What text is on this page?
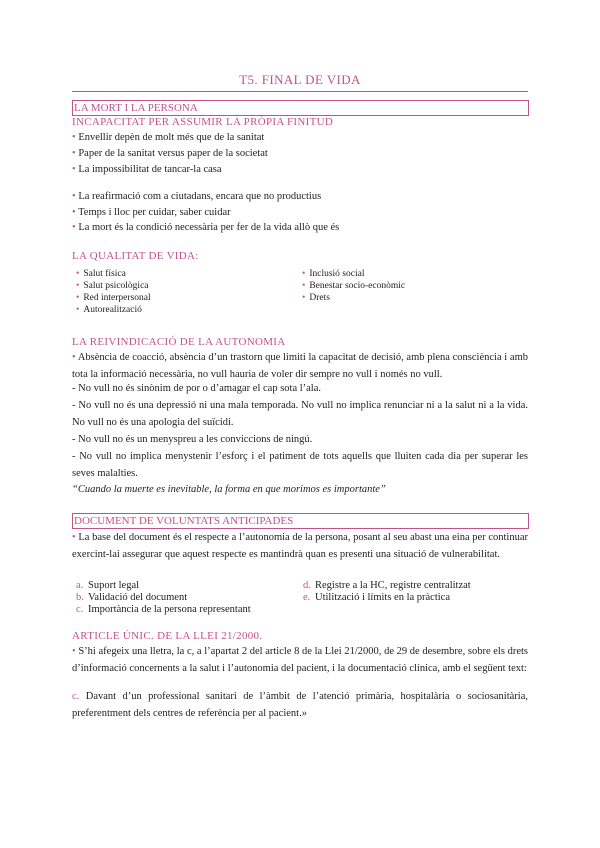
T5. FINAL DE VIDA
LA MORT I LA PERSONA
INCAPACITAT PER ASSUMIR LA PRÒPIA FINITUD
• Envellir depèn de molt més que de la sanitat
• Paper de la sanitat versus paper de la societat
• La impossibilitat de tancar-la casa
• La reafirmació com a ciutadans, encara que no productius
• Temps i lloc per cuidar, saber cuidar
• La mort és la condició necessària per fer de la vida allò que és
LA QUALITAT DE VIDA:
• Salut física
• Salut psicològica
• Red interpersonal
• Autorealització
• Inclusió social
• Benestar socio-econòmic
• Drets
LA REIVINDICACIÓ DE LA AUTONOMIA
• Absència de coacció, absència d’un trastorn que limiti la capacitat de decisió, amb plena consciència i amb tota la informació necessària, no vull hauria de voler dir sempre no vull i només no vull.
- No vull no és sinònim de por o d’amagar el cap sota l’ala.
- No vull no és una depressió ni una mala temporada. No vull no implica renunciar ni a la salut ni a la vida. No vull no és una apologia del suïcidi.
- No vull no és un menyspreu a les conviccions de ningú.
- No vull no implica menystenir l’esforç i el patiment de tots aquells que lluiten cada dia per superar les seves malalties.
“Cuando la muerte es inevitable, la forma en que morimos es importante”
DOCUMENT DE VOLUNTATS ANTICIPADES
• La base del document és el respecte a l’autonomia de la persona, posant al seu abast una eina per continuar exercint-lai assegurar que aquest respecte es mantindrà quan es presenti una situació de vulnerabilitat.
a. Suport legal
b. Validació del document
c. Importància de la persona representant
d. Registre a la HC, registre centralitzat
e. Utilització i límits en la pràctica
ARTICLE ÚNIC. DE LA LLEI 21/2000.
• S’hi afegeix una lletra, la c, a l’apartat 2 del article 8 de la Llei 21/2000, de 29 de desembre, sobre els drets d’informació concernents a la salut i l’autonomia del pacient, i la documentació clínica, amb el següent text:
c. Davant d’un professional sanitari de l’àmbit de l’atenció primària, hospitalària o sociosanitària, preferentment dels centres de referència per al pacient.»
